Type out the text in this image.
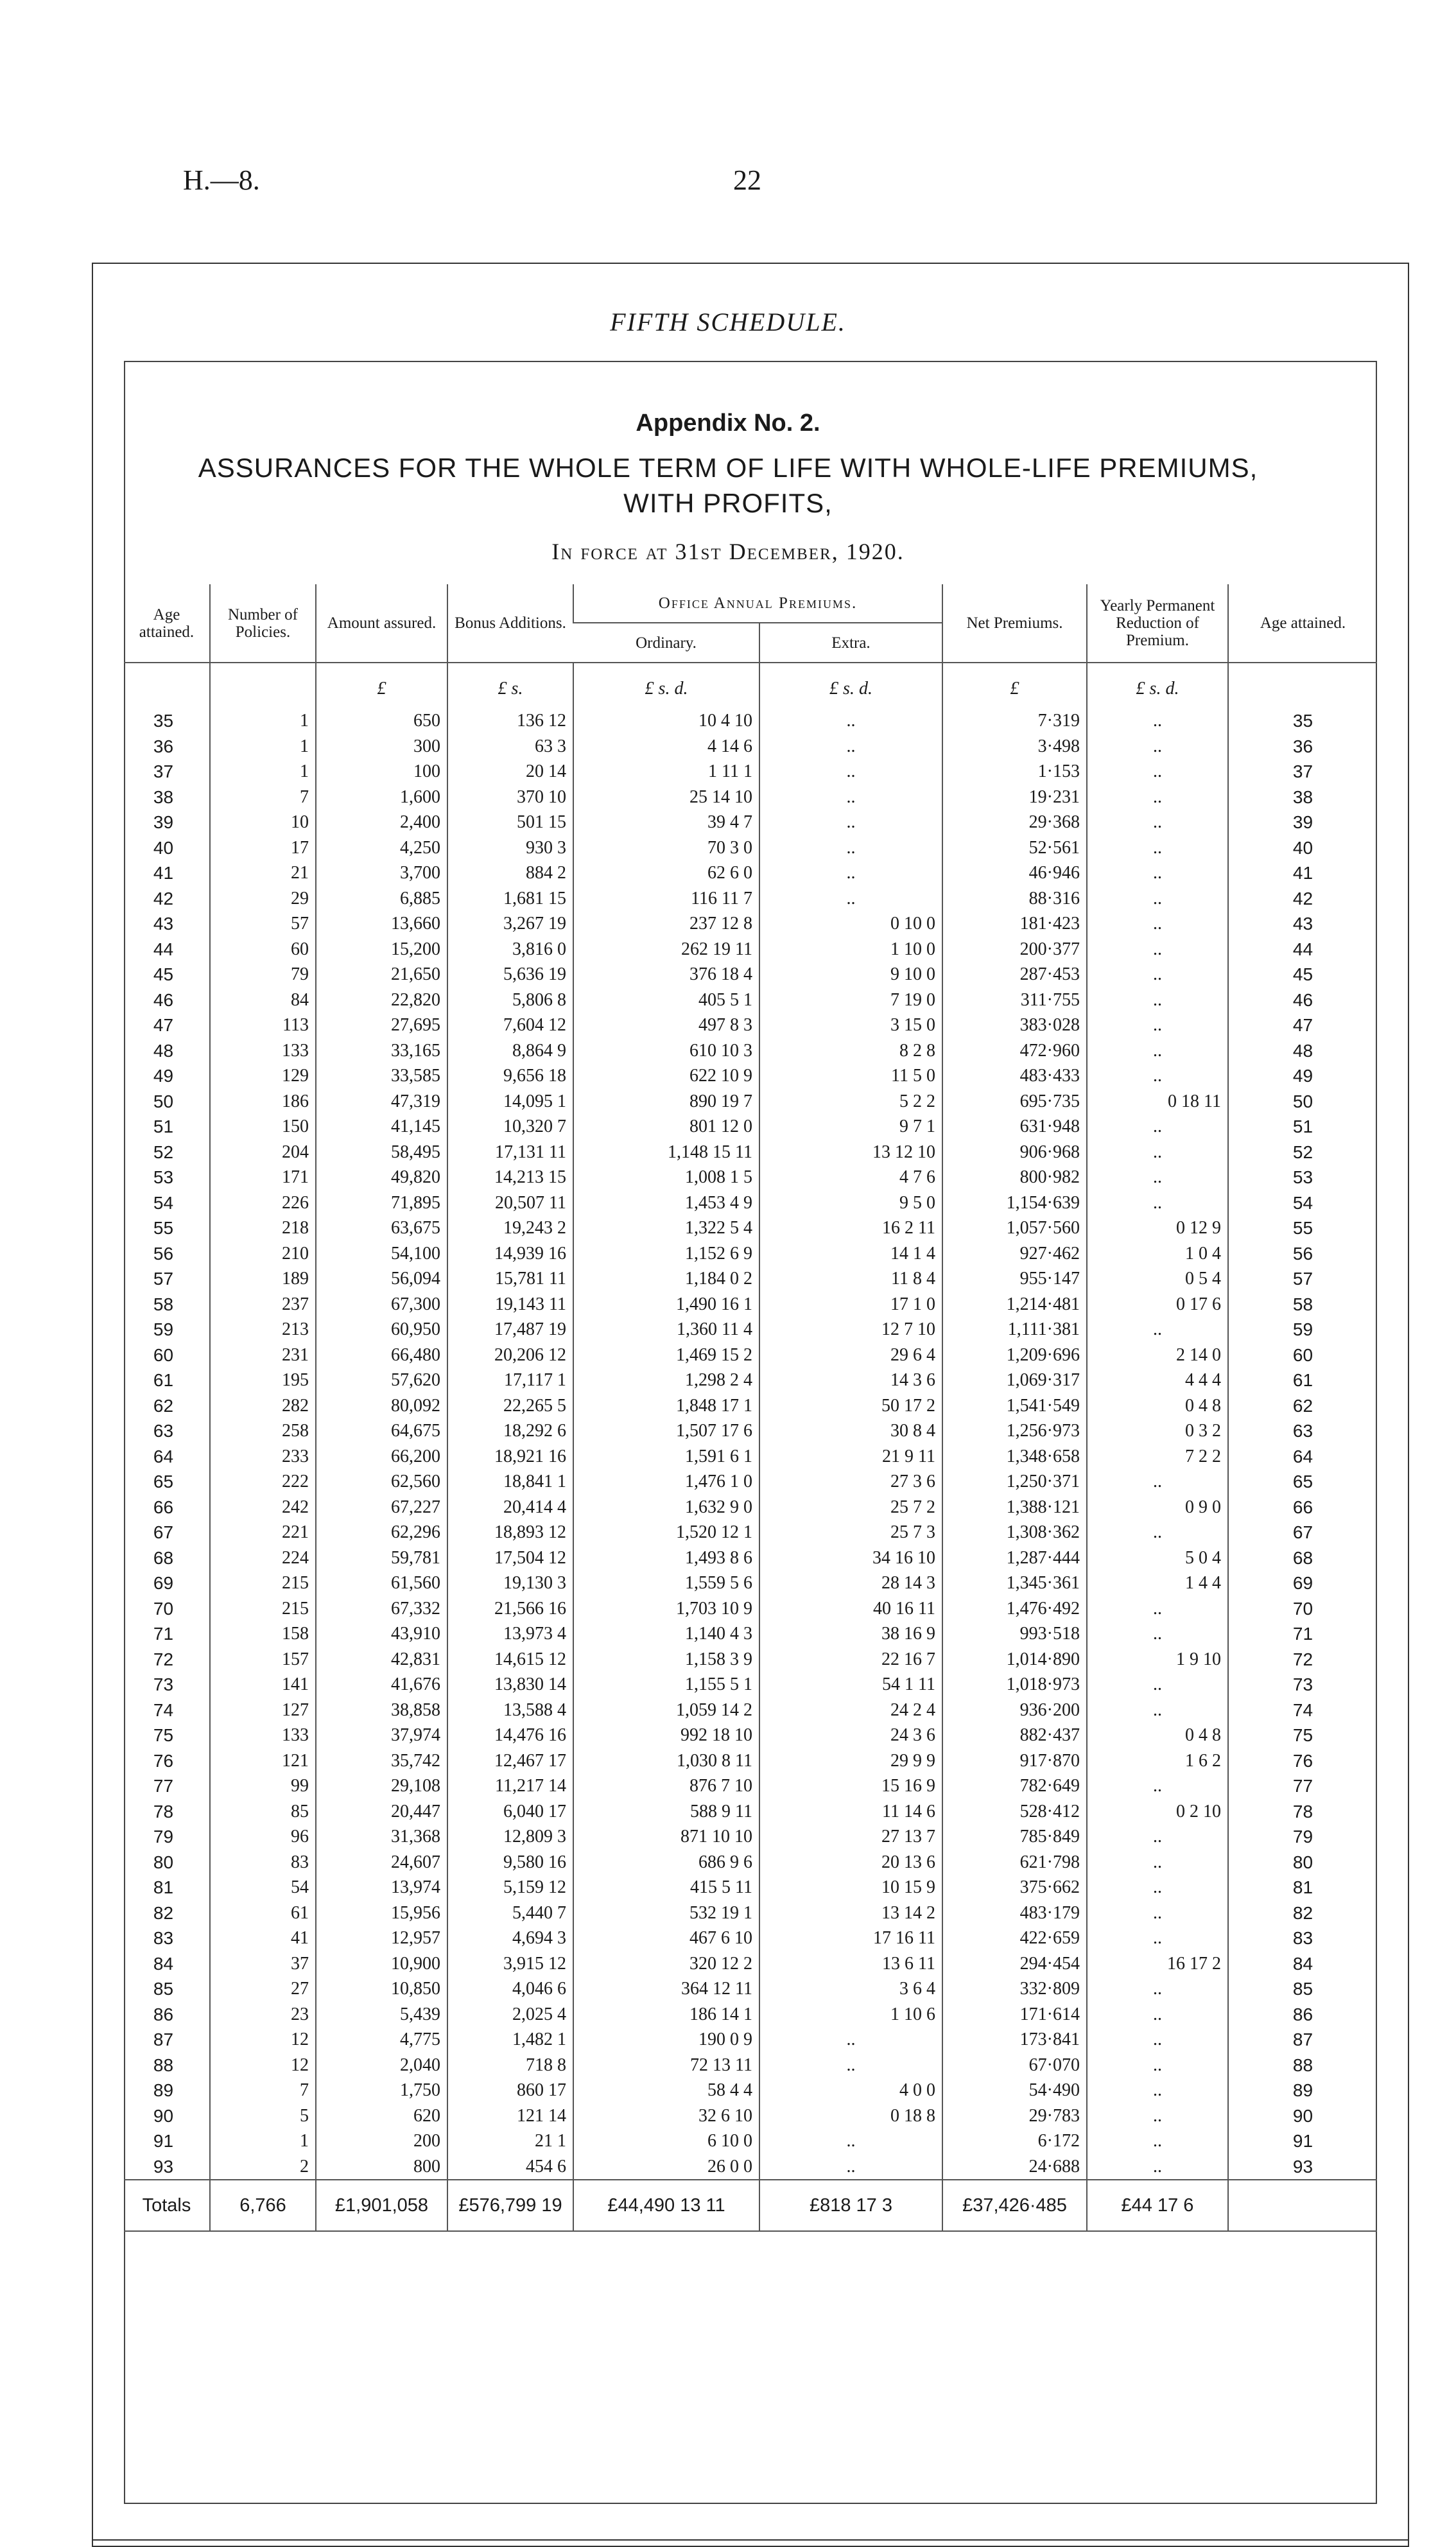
H.—8.	22
FIFTH SCHEDULE.
Appendix No. 2.
ASSURANCES FOR THE WHOLE TERM OF LIFE WITH WHOLE-LIFE PREMIUMS,
WITH PROFITS,
In force at 31st December, 1920.
Age attained.	Number of Policies.	Amount assured.	Bonus Additions.	Office Annual Premiums.		Net Premiums.	Yearly Permanent Reduction of Premium.	Age attained.
				Ordinary.	Extra.			
		£	£ s.	£ s. d.	£ s. d.	£	£ s. d.	
35	1	650	136 12	10 4 10	..	7·319	..	35
36	1	300	63 3	4 14 6	..	3·498	..	36
37	1	100	20 14	1 11 1	..	1·153	..	37
38	7	1,600	370 10	25 14 10	..	19·231	..	38
39	10	2,400	501 15	39 4 7	..	29·368	..	39
40	17	4,250	930 3	70 3 0	..	52·561	..	40
41	21	3,700	884 2	62 6 0	..	46·946	..	41
42	29	6,885	1,681 15	116 11 7	..	88·316	..	42
43	57	13,660	3,267 19	237 12 8	0 10 0	181·423	..	43
44	60	15,200	3,816 0	262 19 11	1 10 0	200·377	..	44
45	79	21,650	5,636 19	376 18 4	9 10 0	287·453	..	45
46	84	22,820	5,806 8	405 5 1	7 19 0	311·755	..	46
47	113	27,695	7,604 12	497 8 3	3 15 0	383·028	..	47
48	133	33,165	8,864 9	610 10 3	8 2 8	472·960	..	48
49	129	33,585	9,656 18	622 10 9	11 5 0	483·433	..	49
50	186	47,319	14,095 1	890 19 7	5 2 2	695·735	0 18 11	50
51	150	41,145	10,320 7	801 12 0	9 7 1	631·948	..	51
52	204	58,495	17,131 11	1,148 15 11	13 12 10	906·968	..	52
53	171	49,820	14,213 15	1,008 1 5	4 7 6	800·982	..	53
54	226	71,895	20,507 11	1,453 4 9	9 5 0	1,154·639	..	54
55	218	63,675	19,243 2	1,322 5 4	16 2 11	1,057·560	0 12 9	55
56	210	54,100	14,939 16	1,152 6 9	14 1 4	927·462	1 0 4	56
57	189	56,094	15,781 11	1,184 0 2	11 8 4	955·147	0 5 4	57
58	237	67,300	19,143 11	1,490 16 1	17 1 0	1,214·481	0 17 6	58
59	213	60,950	17,487 19	1,360 11 4	12 7 10	1,111·381	..	59
60	231	66,480	20,206 12	1,469 15 2	29 6 4	1,209·696	2 14 0	60
61	195	57,620	17,117 1	1,298 2 4	14 3 6	1,069·317	4 4 4	61
62	282	80,092	22,265 5	1,848 17 1	50 17 2	1,541·549	0 4 8	62
63	258	64,675	18,292 6	1,507 17 6	30 8 4	1,256·973	0 3 2	63
64	233	66,200	18,921 16	1,591 6 1	21 9 11	1,348·658	7 2 2	64
65	222	62,560	18,841 1	1,476 1 0	27 3 6	1,250·371	..	65
66	242	67,227	20,414 4	1,632 9 0	25 7 2	1,388·121	0 9 0	66
67	221	62,296	18,893 12	1,520 12 1	25 7 3	1,308·362	..	67
68	224	59,781	17,504 12	1,493 8 6	34 16 10	1,287·444	5 0 4	68
69	215	61,560	19,130 3	1,559 5 6	28 14 3	1,345·361	1 4 4	69
70	215	67,332	21,566 16	1,703 10 9	40 16 11	1,476·492	..	70
71	158	43,910	13,973 4	1,140 4 3	38 16 9	993·518	..	71
72	157	42,831	14,615 12	1,158 3 9	22 16 7	1,014·890	1 9 10	72
73	141	41,676	13,830 14	1,155 5 1	54 1 11	1,018·973	..	73
74	127	38,858	13,588 4	1,059 14 2	24 2 4	936·200	..	74
75	133	37,974	14,476 16	992 18 10	24 3 6	882·437	0 4 8	75
76	121	35,742	12,467 17	1,030 8 11	29 9 9	917·870	1 6 2	76
77	99	29,108	11,217 14	876 7 10	15 16 9	782·649	..	77
78	85	20,447	6,040 17	588 9 11	11 14 6	528·412	0 2 10	78
79	96	31,368	12,809 3	871 10 10	27 13 7	785·849	..	79
80	83	24,607	9,580 16	686 9 6	20 13 6	621·798	..	80
81	54	13,974	5,159 12	415 5 11	10 15 9	375·662	..	81
82	61	15,956	5,440 7	532 19 1	13 14 2	483·179	..	82
83	41	12,957	4,694 3	467 6 10	17 16 11	422·659	..	83
84	37	10,900	3,915 12	320 12 2	13 6 11	294·454	16 17 2	84
85	27	10,850	4,046 6	364 12 11	3 6 4	332·809	..	85
86	23	5,439	2,025 4	186 14 1	1 10 6	171·614	..	86
87	12	4,775	1,482 1	190 0 9	..	173·841	..	87
88	12	2,040	718 8	72 13 11	..	67·070	..	88
89	7	1,750	860 17	58 4 4	4 0 0	54·490	..	89
90	5	620	121 14	32 6 10	0 18 8	29·783	..	90
91	1	200	21 1	6 10 0	..	6·172	..	91
93	2	800	454 6	26 0 0	..	24·688	..	93
Totals	6,766	£1,901,058	£576,799 19	£44,490 13 11	£818 17 3	£37,426·485	£44 17 6	
